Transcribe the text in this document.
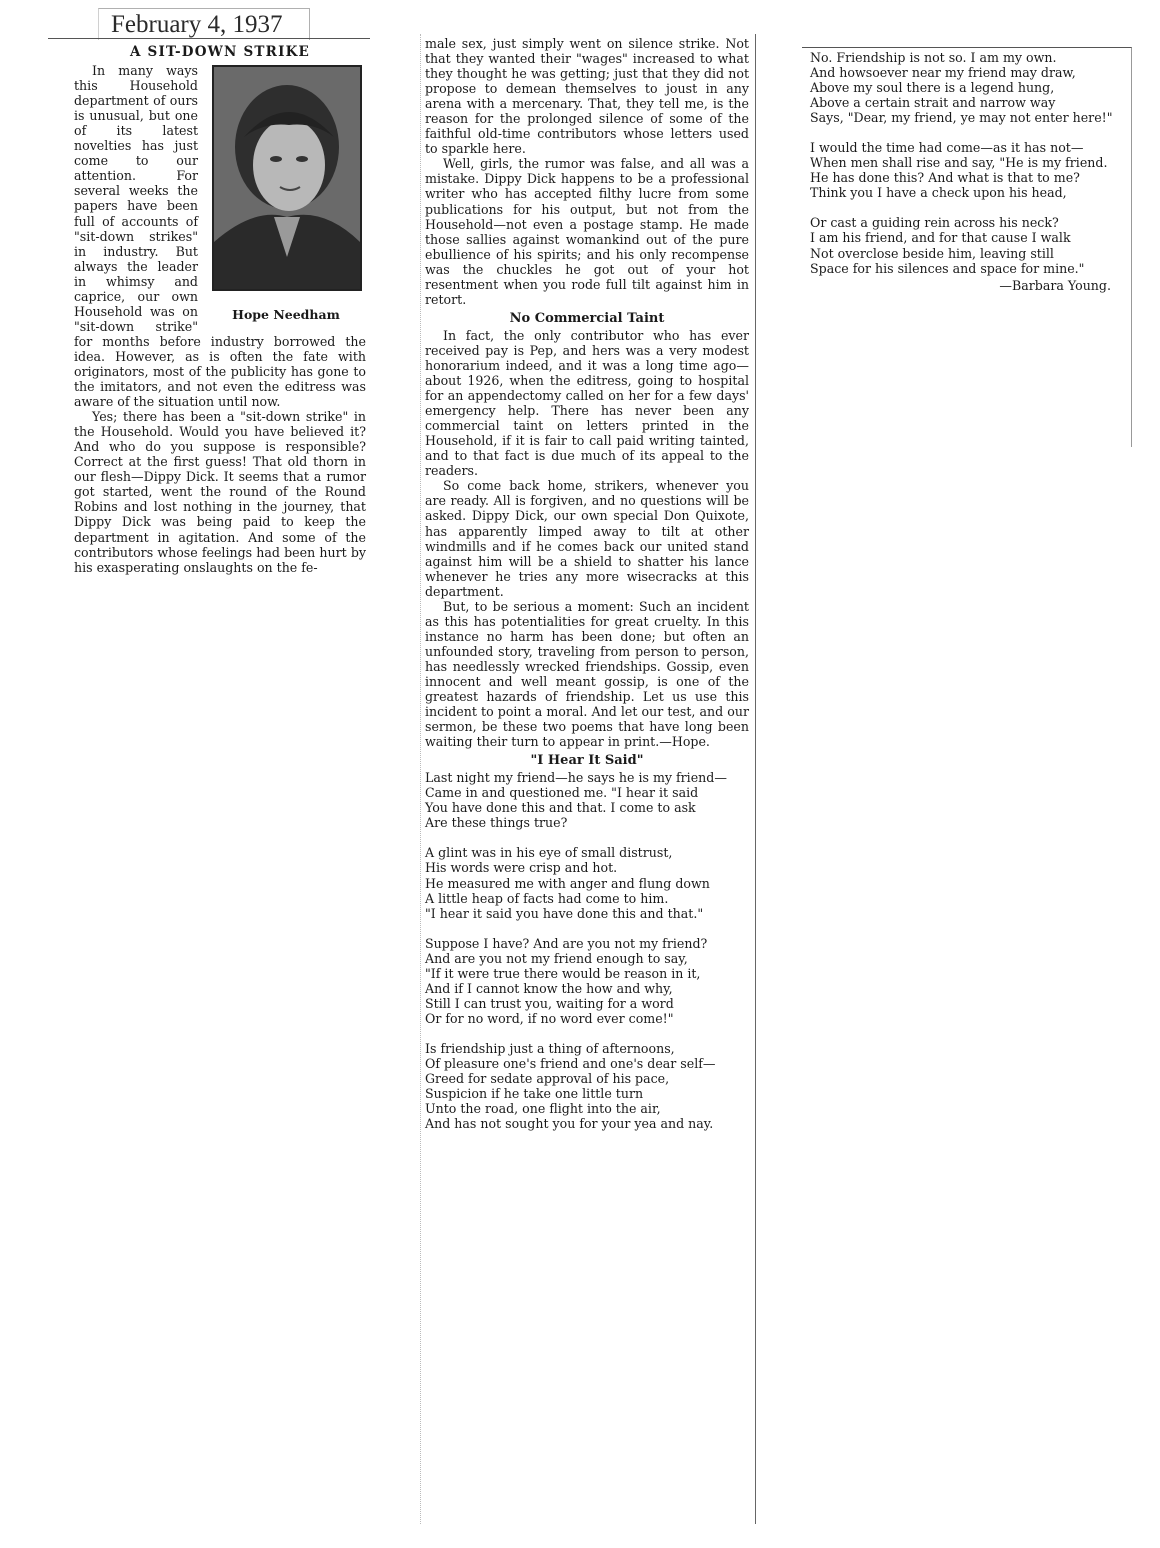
February 4, 1937
A SIT-DOWN STRIKE
Hope Needham

In many ways this Household department of ours is unusual, but one of its latest novelties has just come to our attention. For several weeks the papers have been full of accounts of "sit-down strikes" in industry. But always the leader in whimsy and caprice, our own Household was on "sit-down strike" for months before industry borrowed the idea. However, as is often the fate with originators, most of the publicity has gone to the imitators, and not even the editress was aware of the situation until now.

Yes; there has been a "sit-down strike" in the Household. Would you have believed it? And who do you suppose is responsible? Correct at the first guess! That old thorn in our flesh—Dippy Dick. It seems that a rumor got started, went the round of the Round Robins and lost nothing in the journey, that Dippy Dick was being paid to keep the department in agitation. And some of the contributors whose feelings had been hurt by his exasperating onslaughts on the fe-

male sex, just simply went on silence strike. Not that they wanted their "wages" increased to what they thought he was getting; just that they did not propose to demean themselves to joust in any arena with a mercenary. That, they tell me, is the reason for the prolonged silence of some of the faithful old-time contributors whose letters used to sparkle here.

Well, girls, the rumor was false, and all was a mistake. Dippy Dick happens to be a professional writer who has accepted filthy lucre from some publications for his output, but not from the Household—not even a postage stamp. He made those sallies against womankind out of the pure ebullience of his spirits; and his only recompense was the chuckles he got out of your hot resentment when you rode full tilt against him in retort.

No Commercial Taint

In fact, the only contributor who has ever received pay is Pep, and hers was a very modest honorarium indeed, and it was a long time ago—about 1926, when the editress, going to hospital for an appendectomy called on her for a few days' emergency help. There has never been any commercial taint on letters printed in the Household, if it is fair to call paid writing tainted, and to that fact is due much of its appeal to the readers.

So come back home, strikers, whenever you are ready. All is forgiven, and no questions will be asked. Dippy Dick, our own special Don Quixote, has apparently limped away to tilt at other windmills and if he comes back our united stand against him will be a shield to shatter his lance whenever he tries any more wisecracks at this department.

But, to be serious a moment: Such an incident as this has potentialities for great cruelty. In this instance no harm has been done; but often an unfounded story, traveling from person to person, has needlessly wrecked friendships. Gossip, even innocent and well meant gossip, is one of the greatest hazards of friendship. Let us use this incident to point a moral. And let our test, and our sermon, be these two poems that have long been waiting their turn to appear in print.—Hope.

"I Hear It Said"

Last night my friend—he says he is my friend—

Came in and questioned me. "I hear it said

You have done this and that. I come to ask

Are these things true?

A glint was in his eye of small distrust,

His words were crisp and hot.

He measured me with anger and flung down

A little heap of facts had come to him.

"I hear it said you have done this and that."

Suppose I have? And are you not my friend?

And are you not my friend enough to say,

"If it were true there would be reason in it,

And if I cannot know the how and why,

Still I can trust you, waiting for a word

Or for no word, if no word ever come!"

Is friendship just a thing of afternoons,

Of pleasure one's friend and one's dear self—

Greed for sedate approval of his pace,

Suspicion if he take one little turn

Unto the road, one flight into the air,

And has not sought you for your yea and nay.

No. Friendship is not so. I am my own.

And howsoever near my friend may draw,

Above my soul there is a legend hung,

Above a certain strait and narrow way

Says, "Dear, my friend, ye may not enter here!"

I would the time had come—as it has not—

When men shall rise and say, "He is my friend.

He has done this? And what is that to me?

Think you I have a check upon his head,

Or cast a guiding rein across his neck?

I am his friend, and for that cause I walk

Not overclose beside him, leaving still

Space for his silences and space for mine."

—Barbara Young.
